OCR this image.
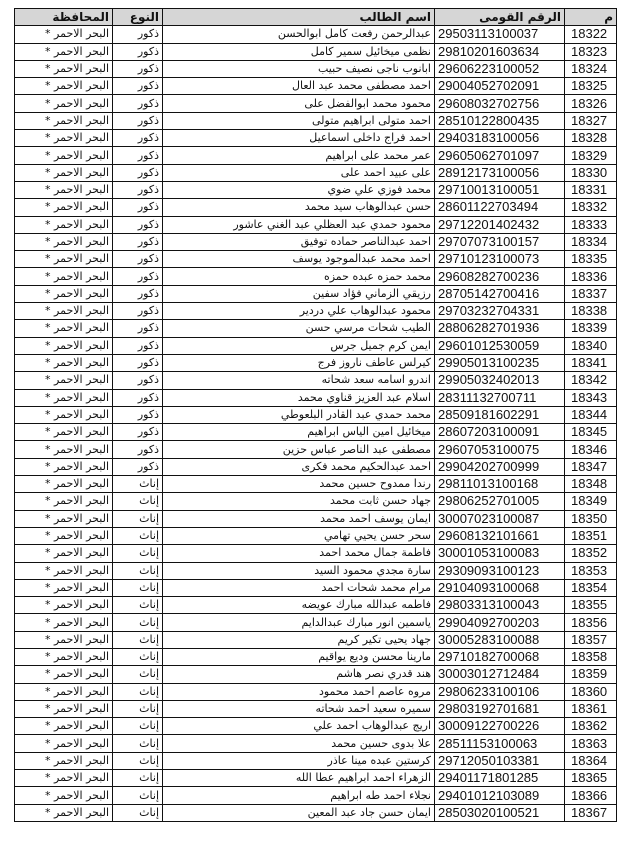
م	الرقم القومى	اسم الطالب	النوع	المحافظة
18322	29503113100037	عبدالرحمن رفعت كامل ابوالحسن	ذكور	البحر الاحمر *
18323	29810201603634	نظمى ميخائيل سمير كامل	ذكور	البحر الاحمر *
18324	29606223100052	ابانوب ناجى نصيف حبيب	ذكور	البحر الاحمر *
18325	29004052702091	احمد مصطفى محمد عبد العال	ذكور	البحر الاحمر *
18326	29608032702756	محمود محمد ابوالفضل على	ذكور	البحر الاحمر *
18327	28510122800435	احمد متولى ابراهيم متولى	ذكور	البحر الاحمر *
18328	29403183100056	احمد فراج داخلى اسماعيل	ذكور	البحر الاحمر *
18329	29605062701097	عمر محمد على ابراهيم	ذكور	البحر الاحمر *
18330	28912173100056	على عبيد احمد على	ذكور	البحر الاحمر *
18331	29710013100051	محمد فوزي علي ضوي	ذكور	البحر الاحمر *
18332	28601122703494	حسن عبدالوهاب سيد محمد	ذكور	البحر الاحمر *
18333	29712201402432	محمود حمدي عبد العظلي عبد الغني عاشور	ذكور	البحر الاحمر *
18334	29707073100157	احمد عبدالناصر حماده توفيق	ذكور	البحر الاحمر *
18335	29710123100073	احمد محمد عبدالموجود يوسف	ذكور	البحر الاحمر *
18336	29608282700236	محمد حمزه عبده حمزه	ذكور	البحر الاحمر *
18337	28705142700416	رزيقي الزماني فؤاد سفين	ذكور	البحر الاحمر *
18338	29703232704331	محمود عبدالوهاب علي دردير	ذكور	البحر الاحمر *
18339	28806282701936	الطيب شحات مرسي حسن	ذكور	البحر الاحمر *
18340	29601012530059	ايمن كرم جميل جرس	ذكور	البحر الاحمر *
18341	29905013100235	كيرلس عاطف ناروز فرج	ذكور	البحر الاحمر *
18342	29905032402013	اندرو اسامه سعد شحاته	ذكور	البحر الاحمر *
18343	28311132700711	اسلام عبد العزيز قناوي محمد	ذكور	البحر الاحمر *
18344	28509181602291	محمد حمدي عبد القادر البلعوطي	ذكور	البحر الاحمر *
18345	28607203100091	ميخائيل امين الياس ابراهيم	ذكور	البحر الاحمر *
18346	29607053100075	مصطفى عبد الناصر عباس حزين	ذكور	البحر الاحمر *
18347	29904202700999	احمد عبدالحكيم محمد فكرى	ذكور	البحر الاحمر *
18348	29811013100168	رندا ممدوح حسين محمد	إناث	البحر الاحمر *
18349	29806252701005	جهاد حسن ثابت محمد	إناث	البحر الاحمر *
18350	30007023100087	ايمان يوسف احمد محمد	إناث	البحر الاحمر *
18351	29608132101661	سحر حسن يحيي تهامي	إناث	البحر الاحمر *
18352	30001053100083	فاطمة جمال محمد احمد	إناث	البحر الاحمر *
18353	29309093100123	سارة مجدي محمود السيد	إناث	البحر الاحمر *
18354	29104093100068	مرام محمد شحات احمد	إناث	البحر الاحمر *
18355	29803313100043	فاطمه عبدالله مبارك عويضه	إناث	البحر الاحمر *
18356	29904092700203	ياسمين انور مبارك عبدالدايم	إناث	البحر الاحمر *
18357	30005283100088	جهاد يحيى تكير كريم	إناث	البحر الاحمر *
18358	29710182700068	مارينا محسن وديع يواقيم	إناث	البحر الاحمر *
18359	30003012712484	هند قدري نصر هاشم	إناث	البحر الاحمر *
18360	29806233100106	مروه عاصم احمد محمود	إناث	البحر الاحمر *
18361	29803192701681	سميره سعيد احمد شحاته	إناث	البحر الاحمر *
18362	30009122700226	اريج عبدالوهاب احمد علي	إناث	البحر الاحمر *
18363	28511153100063	علا بدوى حسين محمد	إناث	البحر الاحمر *
18364	29712050103381	كرستين عبده مينا عاذر	إناث	البحر الاحمر *
18365	29401171801285	الزهراء احمد ابراهيم عطا الله	إناث	البحر الاحمر *
18366	29401012103089	نجلاء احمد طه ابراهيم	إناث	البحر الاحمر *
18367	28503020100521	ايمان حسن جاد عبد المعين	إناث	البحر الاحمر *
